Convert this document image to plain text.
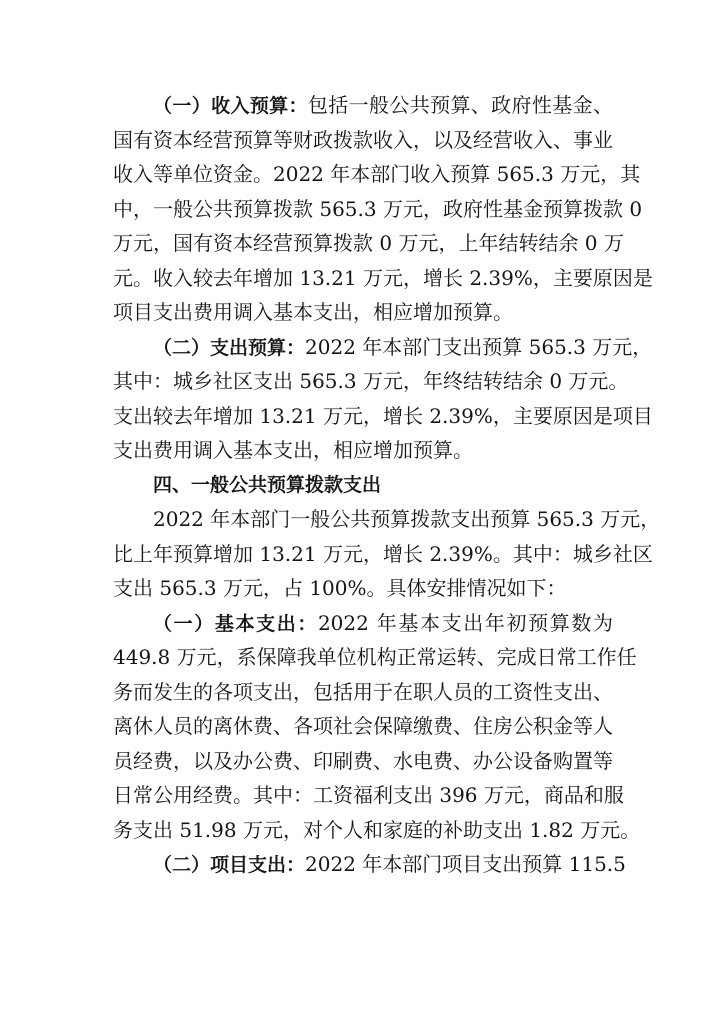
（一）收入预算：包括一般公共预算、政府性基金、
国有资本经营预算等财政拨款收入，以及经营收入、事业
收入等单位资金。2022 年本部门收入预算 565.3 万元，其
中，一般公共预算拨款 565.3 万元，政府性基金预算拨款 0
万元，国有资本经营预算拨款 0 万元，上年结转结余 0 万
元。收入较去年增加 13.21 万元，增长 2.39%，主要原因是
项目支出费用调入基本支出，相应增加预算。
（二）支出预算：2022 年本部门支出预算 565.3 万元，
其中：城乡社区支出 565.3 万元，年终结转结余 0 万元。
支出较去年增加 13.21 万元，增长 2.39%，主要原因是项目
支出费用调入基本支出，相应增加预算。
四、一般公共预算拨款支出
2022 年本部门一般公共预算拨款支出预算 565.3 万元，
比上年预算增加 13.21 万元，增长 2.39%。其中：城乡社区
支出 565.3 万元，占 100%。具体安排情况如下：
（一）基本支出：2022 年基本支出年初预算数为
449.8 万元，系保障我单位机构正常运转、完成日常工作任
务而发生的各项支出，包括用于在职人员的工资性支出、
离休人员的离休费、各项社会保障缴费、住房公积金等人
员经费，以及办公费、印刷费、水电费、办公设备购置等
日常公用经费。其中：工资福利支出 396 万元，商品和服
务支出 51.98 万元，对个人和家庭的补助支出 1.82 万元。
（二）项目支出：2022 年本部门项目支出预算 115.5
